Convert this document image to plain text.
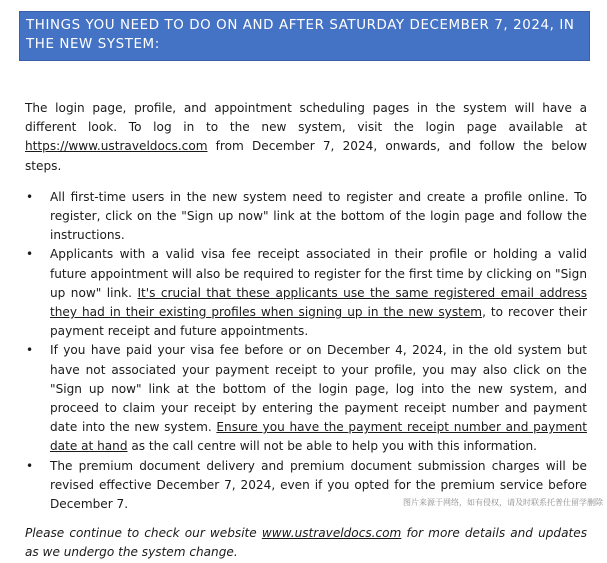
THINGS YOU NEED TO DO ON AND AFTER SATURDAY DECEMBER 7, 2024, IN
THE NEW SYSTEM:

The login page, profile, and appointment scheduling pages in the system will have a different look. To log in to the new system, visit the login page available at https://www.ustraveldocs.com from December 7, 2024, onwards, and follow the below steps.

• All first-time users in the new system need to register and create a profile online. To register, click on the "Sign up now" link at the bottom of the login page and follow the instructions.
• Applicants with a valid visa fee receipt associated in their profile or holding a valid future appointment will also be required to register for the first time by clicking on "Sign up now" link. It's crucial that these applicants use the same registered email address they had in their existing profiles when signing up in the new system, to recover their payment receipt and future appointments.
• If you have paid your visa fee before or on December 4, 2024, in the old system but have not associated your payment receipt to your profile, you may also click on the "Sign up now" link at the bottom of the login page, log into the new system, and proceed to claim your receipt by entering the payment receipt number and payment date into the new system. Ensure you have the payment receipt number and payment date at hand as the call centre will not be able to help you with this information.
• The premium document delivery and premium document submission charges will be revised effective December 7, 2024, even if you opted for the premium service before December 7.

Please continue to check our website www.ustraveldocs.com for more details and updates as we undergo the system change.

图片来源于网络，如有侵权，请及时联系托普仕留学删除
